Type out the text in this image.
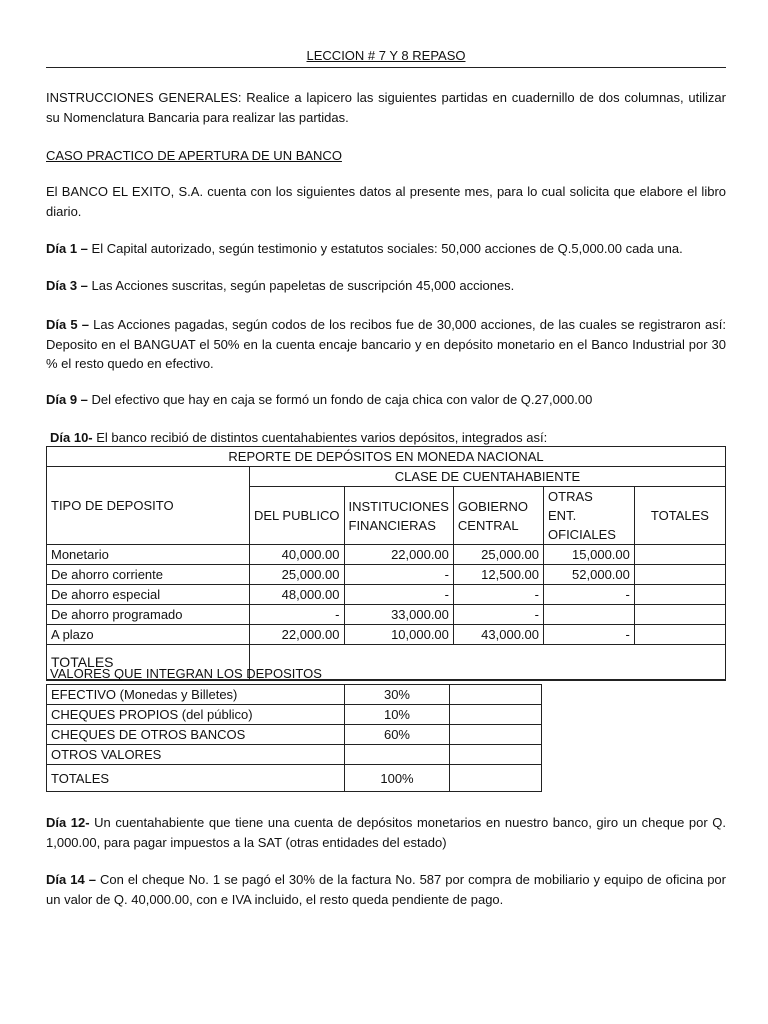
LECCION # 7 Y 8 REPASO

INSTRUCCIONES GENERALES: Realice a lapicero las siguientes partidas en cuadernillo de dos columnas, utilizar su Nomenclatura Bancaria para realizar las partidas.

CASO PRACTICO DE APERTURA DE UN BANCO

El BANCO EL EXITO, S.A. cuenta con los siguientes datos al presente mes, para lo cual solicita que elabore el libro diario.

Día 1 – El Capital autorizado, según testimonio y estatutos sociales: 50,000 acciones de Q.5,000.00 cada una.

Día 3 – Las Acciones suscritas, según papeletas de suscripción 45,000 acciones.

Día 5 – Las Acciones pagadas, según codos de los recibos fue de 30,000 acciones, de las cuales se registraron así: Deposito en el BANGUAT el 50% en la cuenta encaje bancario y en depósito monetario en el Banco Industrial por 30 % el resto quedo en efectivo.

Día 9 – Del efectivo que hay en caja se formó un fondo de caja chica con valor de Q.27,000.00

Día 10- El banco recibió de distintos cuentahabientes varios depósitos, integrados así:

REPORTE DE DEPÓSITOS EN MONEDA NACIONAL					
TIPO DE DEPOSITO	CLASE DE CUENTAHABIENTE				
	DEL PUBLICO	INSTITUCIONES FINANCIERAS	GOBIERNO CENTRAL	OTRAS   ENT. OFICIALES	TOTALES
Monetario	40,000.00	22,000.00	25,000.00	15,000.00	
De ahorro corriente	25,000.00	-	12,500.00	52,000.00	
De ahorro especial	48,000.00	-	-	-	
De ahorro programado	-	33,000.00	-		
A plazo	22,000.00	10,000.00	43,000.00	-	
TOTALES					
VALORES QUE INTEGRAN LOS DEPOSITOS
EFECTIVO (Monedas y Billetes)	30%	
CHEQUES PROPIOS (del público)	10%	
CHEQUES DE OTROS BANCOS	60%	
OTROS VALORES		
TOTALES	100%	

Día 12- Un cuentahabiente que tiene una cuenta de depósitos monetarios en nuestro banco, giro un cheque por Q. 1,000.00, para pagar impuestos a la SAT (otras entidades del estado)

Día 14 – Con el cheque No. 1 se pagó el 30% de la factura No. 587 por compra de mobiliario y equipo de oficina por un valor de Q. 40,000.00, con e IVA incluido, el resto queda pendiente de pago.
